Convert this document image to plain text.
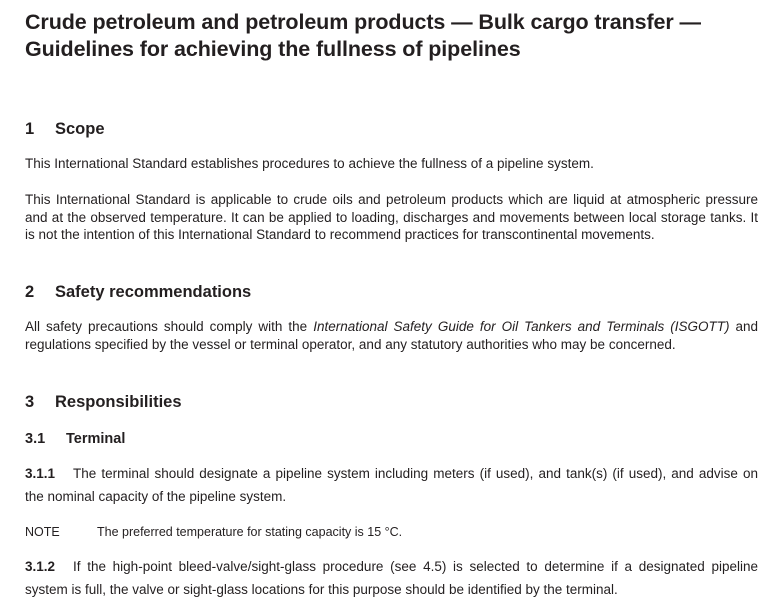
Crude petroleum and petroleum products — Bulk cargo transfer — Guidelines for achieving the fullness of pipelines
1 Scope

This International Standard establishes procedures to achieve the fullness of a pipeline system.

This International Standard is applicable to crude oils and petroleum products which are liquid at atmospheric pressure and at the observed temperature. It can be applied to loading, discharges and movements between local storage tanks. It is not the intention of this International Standard to recommend practices for transcontinental movements.

2 Safety recommendations

All safety precautions should comply with the International Safety Guide for Oil Tankers and Terminals (ISGOTT) and regulations specified by the vessel or terminal operator, and any statutory authorities who may be concerned.

3 Responsibilities
3.1 Terminal

3.1.1 The terminal should designate a pipeline system including meters (if used), and tank(s) (if used), and advise on the nominal capacity of the pipeline system.

NOTE	The preferred temperature for stating capacity is 15 °C.

3.1.2 If the high-point bleed-valve/sight-glass procedure (see 4.5) is selected to determine if a designated pipeline system is full, the valve or sight-glass locations for this purpose should be identified by the terminal.
